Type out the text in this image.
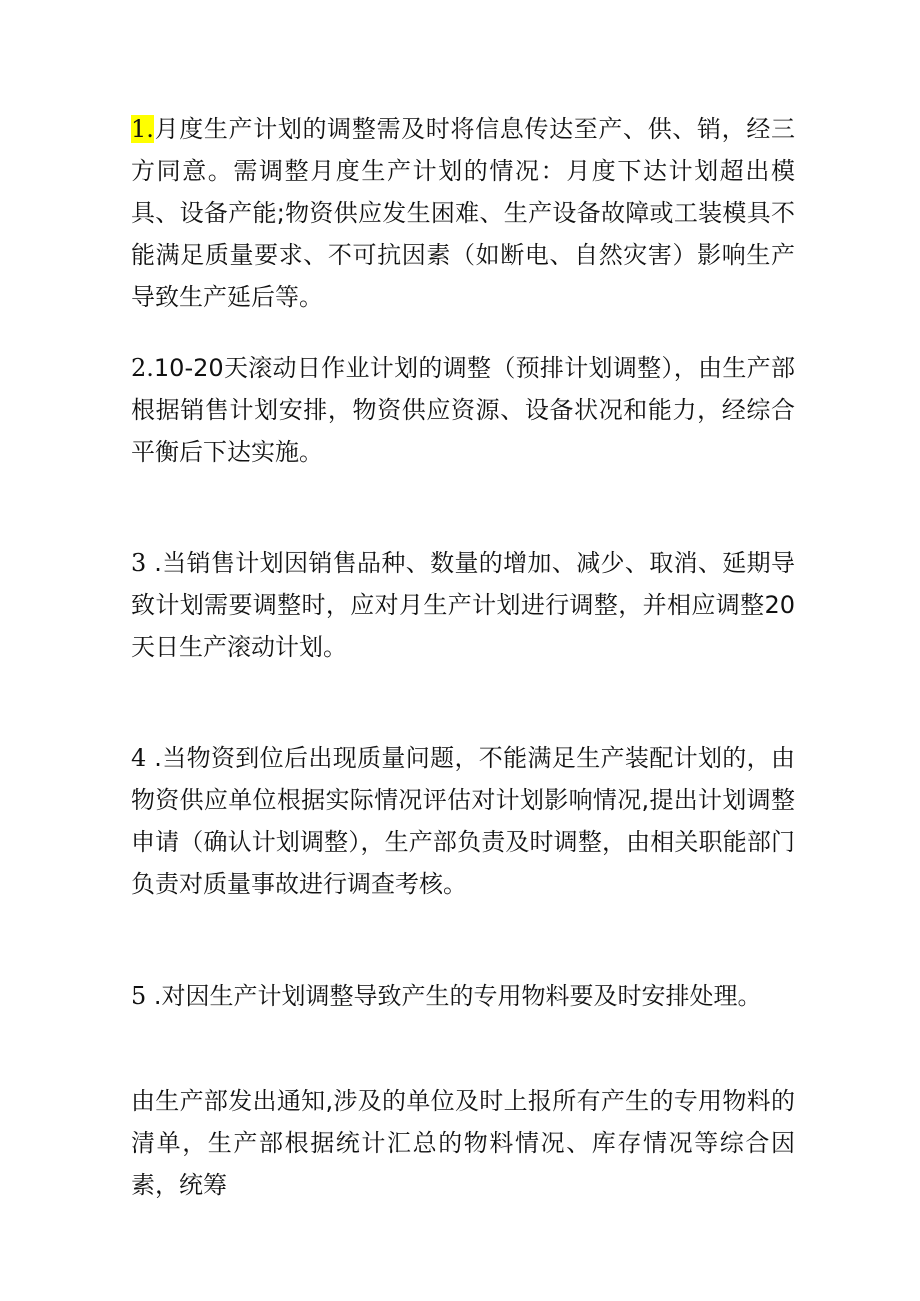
1.月度生产计划的调整需及时将信息传达至产、供、销，经三方同意。需调整月度生产计划的情况：月度下达计划超出模具、设备产能;物资供应发生困难、生产设备故障或工装模具不能满足质量要求、不可抗因素（如断电、自然灾害）影响生产导致生产延后等。

2.10-20天滚动日作业计划的调整（预排计划调整），由生产部根据销售计划安排，物资供应资源、设备状况和能力，经综合平衡后下达实施。

3 .当销售计划因销售品种、数量的增加、减少、取消、延期导致计划需要调整时，应对月生产计划进行调整，并相应调整20天日生产滚动计划。

4 .当物资到位后出现质量问题，不能满足生产装配计划的，由物资供应单位根据实际情况评估对计划影响情况,提出计划调整申请（确认计划调整），生产部负责及时调整，由相关职能部门负责对质量事故进行调查考核。

5 .对因生产计划调整导致产生的专用物料要及时安排处理。

由生产部发出通知,涉及的单位及时上报所有产生的专用物料的清单，生产部根据统计汇总的物料情况、库存情况等综合因素，统筹
